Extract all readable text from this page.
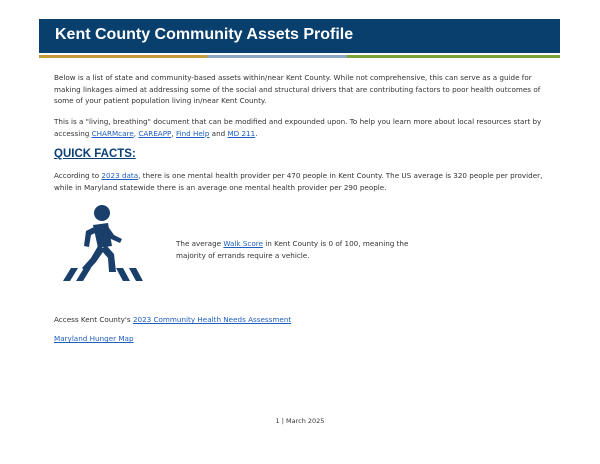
Kent County Community Assets Profile
Below is a list of state and community-based assets within/near Kent County. While not comprehensive, this can serve as a guide for making linkages aimed at addressing some of the social and structural drivers that are contributing factors to poor health outcomes of some of your patient population living in/near Kent County.
This is a "living, breathing" document that can be modified and expounded upon. To help you learn more about local resources start by accessing CHARMcare, CAREAPP, Find Help and MD 211.
QUICK FACTS:
According to 2023 data, there is one mental health provider per 470 people in Kent County. The US average is 320 people per provider, while in Maryland statewide there is an average one mental health provider per 290 people.
The average Walk Score in Kent County is 0 of 100, meaning the majority of errands require a vehicle.
Access Kent County's 2023 Community Health Needs Assessment
Maryland Hunger Map
1 | March 2025
